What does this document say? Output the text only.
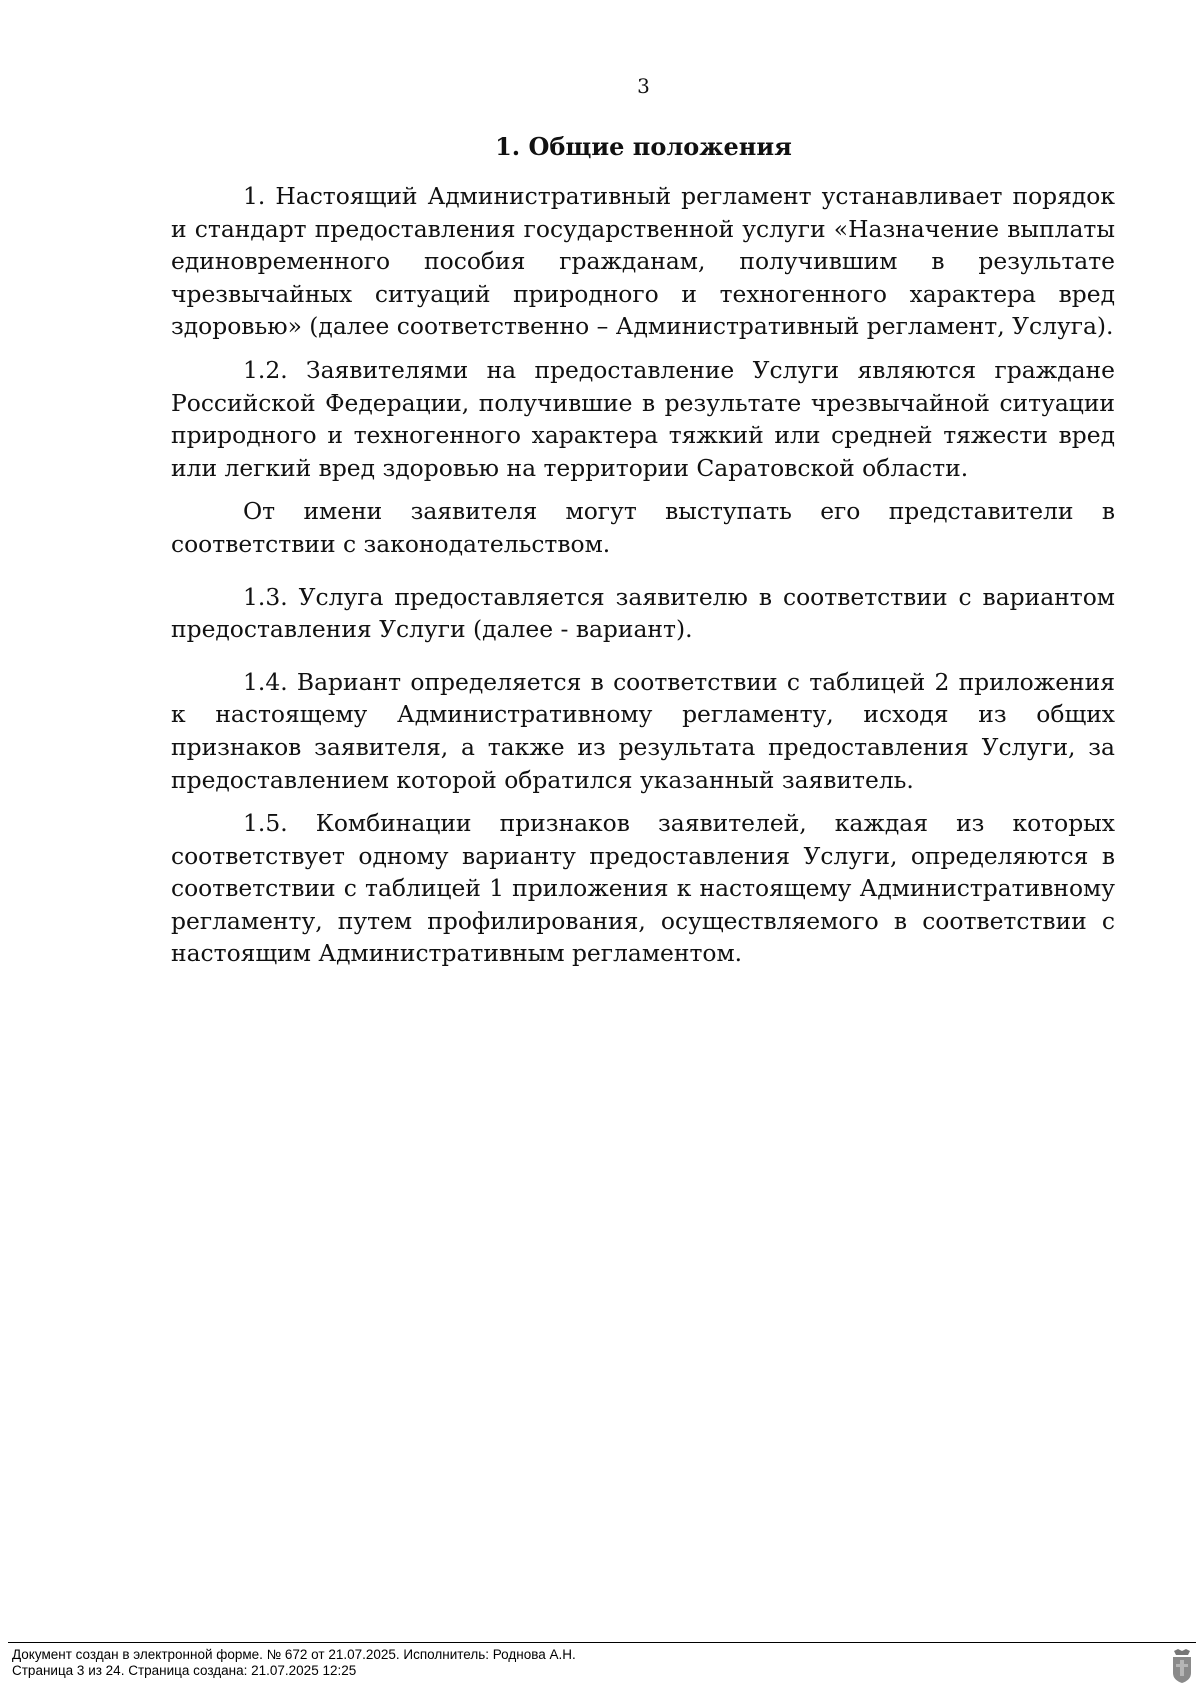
3
1. Общие положения

1. Настоящий Административный регламент устанавливает порядок и стандарт предоставления государственной услуги «Назначение выплаты единовременного пособия гражданам, получившим в результате чрезвычайных ситуаций природного и техногенного характера вред здоровью» (далее соответственно – Административный регламент, Услуга).

1.2. Заявителями на предоставление Услуги являются граждане Российской Федерации, получившие в результате чрезвычайной ситуации природного и техногенного характера тяжкий или средней тяжести вред или легкий вред здоровью на территории Саратовской области.

От имени заявителя могут выступать его представители в соответствии с законодательством.

1.3. Услуга предоставляется заявителю в соответствии с вариантом предоставления Услуги (далее - вариант).

1.4. Вариант определяется в соответствии с таблицей 2 приложения к настоящему Административному регламенту, исходя из общих признаков заявителя, а также из результата предоставления Услуги, за предоставлением которой обратился указанный заявитель.

1.5. Комбинации признаков заявителей, каждая из которых соответствует одному варианту предоставления Услуги, определяются в соответствии с таблицей 1 приложения к настоящему Административному регламенту, путем профилирования, осуществляемого в соответствии с настоящим Административным регламентом.

Документ создан в электронной форме. № 672 от 21.07.2025. Исполнитель: Роднова А.Н.
Страница 3 из 24. Страница создана: 21.07.2025 12:25
